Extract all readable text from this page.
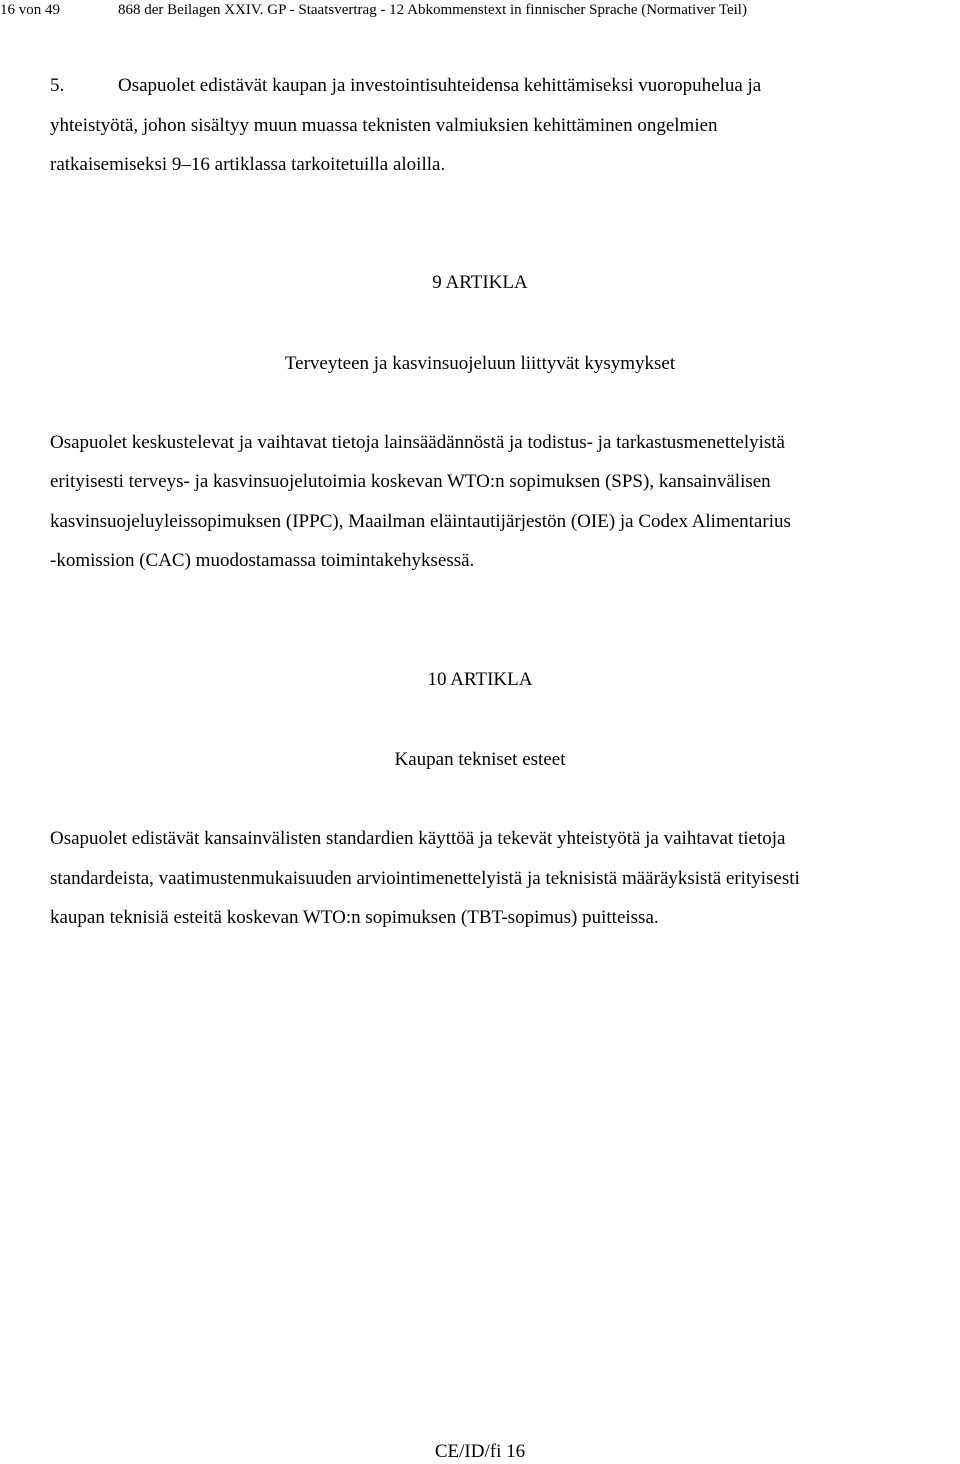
16 von 49	868 der Beilagen XXIV. GP - Staatsvertrag - 12 Abkommenstext in finnischer Sprache (Normativer Teil)
5.	Osapuolet edistävät kaupan ja investointisuhteidensa kehittämiseksi vuoropuhelua ja
yhteistyötä, johon sisältyy muun muassa teknisten valmiuksien kehittäminen ongelmien
ratkaisemiseksi 9–16 artiklassa tarkoitetuilla aloilla.
9 ARTIKLA
Terveyteen ja kasvinsuojeluun liittyvät kysymykset
Osapuolet keskustelevat ja vaihtavat tietoja lainsäädännöstä ja todistus- ja tarkastusmenettelyistä
erityisesti terveys- ja kasvinsuojelutoimia koskevan WTO:n sopimuksen (SPS), kansainvälisen
kasvinsuojeluyleissopimuksen (IPPC), Maailman eläintautijärjestön (OIE) ja Codex Alimentarius
-komission (CAC) muodostamassa toimintakehyksessä.
10 ARTIKLA
Kaupan tekniset esteet
Osapuolet edistävät kansainvälisten standardien käyttöä ja tekevät yhteistyötä ja vaihtavat tietoja
standardeista, vaatimustenmukaisuuden arviointimenettelyistä ja teknisistä määräyksistä erityisesti
kaupan teknisiä esteitä koskevan WTO:n sopimuksen (TBT-sopimus) puitteissa.
CE/ID/fi 16
